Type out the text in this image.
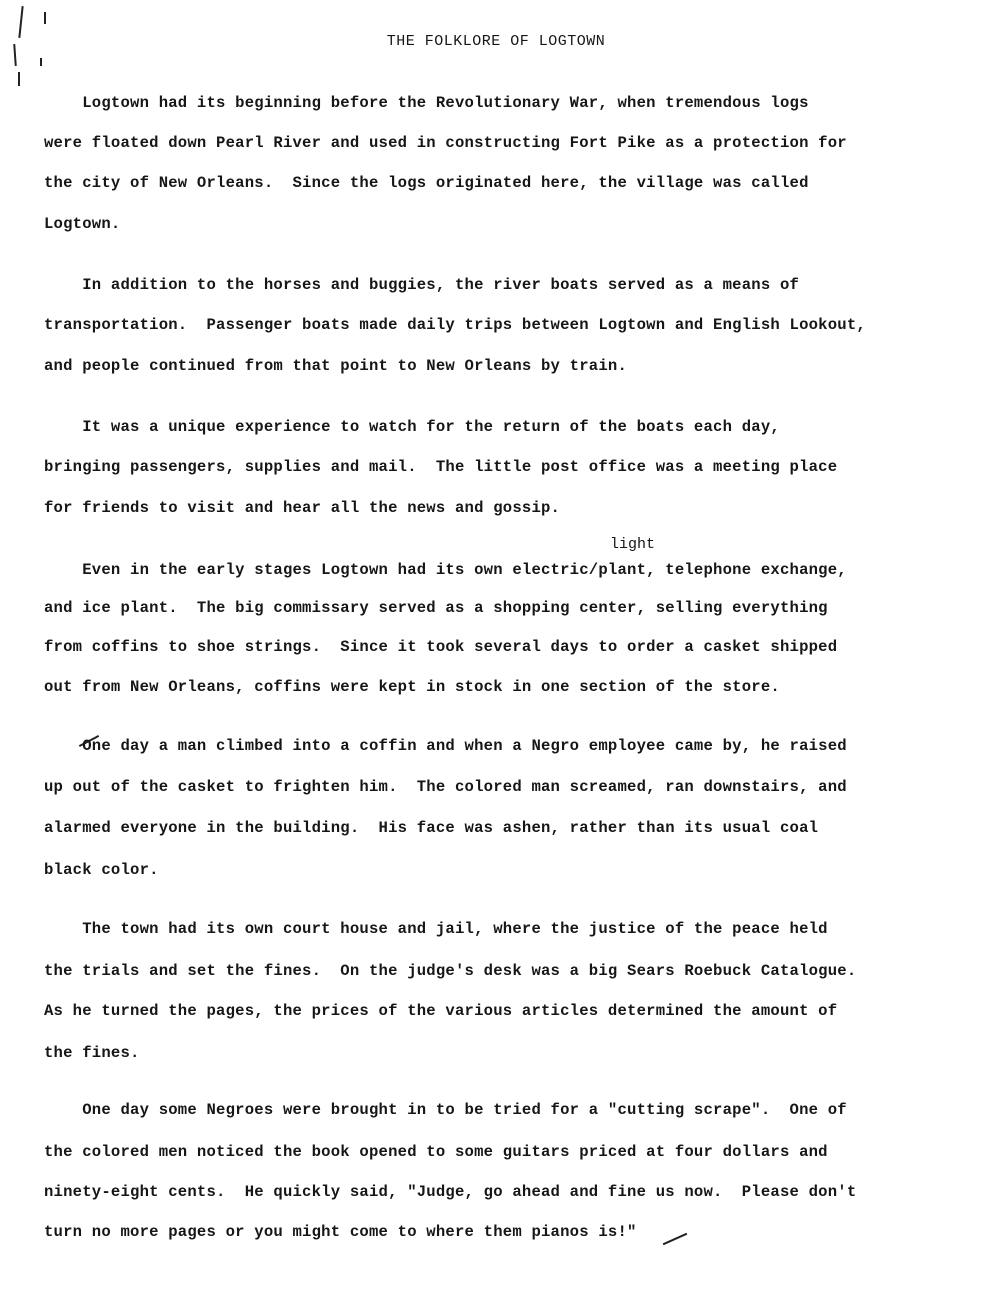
THE FOLKLORE OF LOGTOWN
Logtown had its beginning before the Revolutionary War, when tremendous logs
were floated down Pearl River and used in constructing Fort Pike as a protection for
the city of New Orleans.  Since the logs originated here, the village was called
Logtown.
In addition to the horses and buggies, the river boats served as a means of
transportation.  Passenger boats made daily trips between Logtown and English Lookout,
and people continued from that point to New Orleans by train.
It was a unique experience to watch for the return of the boats each day,
bringing passengers, supplies and mail.  The little post office was a meeting place
for friends to visit and hear all the news and gossip.
light
Even in the early stages Logtown had its own electric/plant, telephone exchange,
and ice plant.  The big commissary served as a shopping center, selling everything
from coffins to shoe strings.  Since it took several days to order a casket shipped
out from New Orleans, coffins were kept in stock in one section of the store.
One day a man climbed into a coffin and when a Negro employee came by, he raised
up out of the casket to frighten him.  The colored man screamed, ran downstairs, and
alarmed everyone in the building.  His face was ashen, rather than its usual coal
black color.
The town had its own court house and jail, where the justice of the peace held
the trials and set the fines.  On the judge's desk was a big Sears Roebuck Catalogue.
As he turned the pages, the prices of the various articles determined the amount of
the fines.
One day some Negroes were brought in to be tried for a "cutting scrape".  One of
the colored men noticed the book opened to some guitars priced at four dollars and
ninety-eight cents.  He quickly said, "Judge, go ahead and fine us now.  Please don't
turn no more pages or you might come to where them pianos is!"
